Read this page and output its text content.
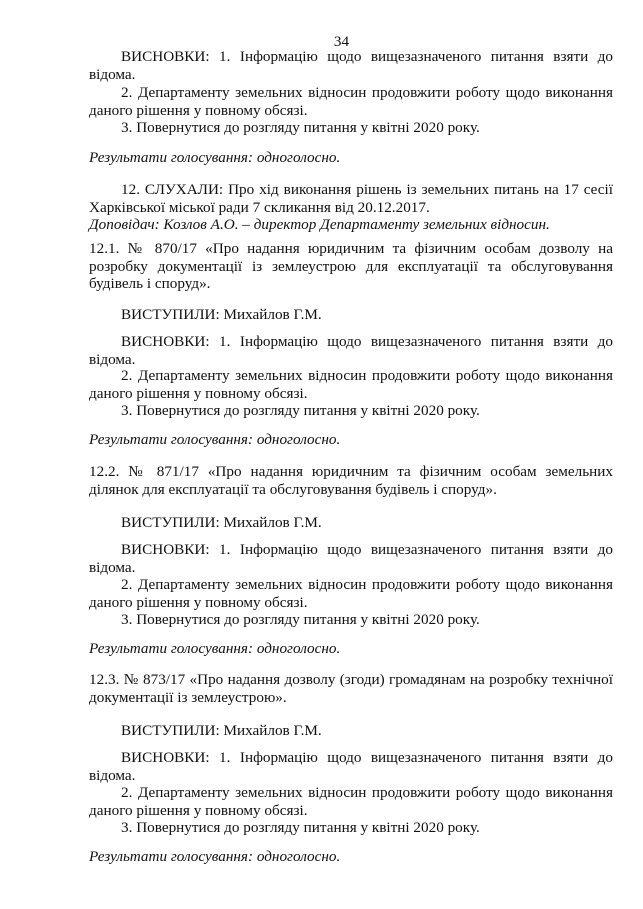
34

ВИСНОВКИ: 1. Інформацію щодо вищезазначеного питання взяти до відома.

2. Департаменту земельних відносин продовжити роботу щодо виконання даного рішення у повному обсязі.

3. Повернутися до розгляду питання у квітні 2020 року.

Результати голосування: одноголосно.

12. СЛУХАЛИ: Про хід виконання рішень із земельних питань на 17 сесії Харківської міської ради 7 скликання від 20.12.2017.

Доповідач: Козлов А.О. – директор Департаменту земельних відносин.

12.1. № 870/17 «Про надання юридичним та фізичним особам дозволу на розробку документації із землеустрою для експлуатації та обслуговування будівель і споруд».

ВИСТУПИЛИ: Михайлов Г.М.

ВИСНОВКИ: 1. Інформацію щодо вищезазначеного питання взяти до відома.

2. Департаменту земельних відносин продовжити роботу щодо виконання даного рішення у повному обсязі.

3. Повернутися до розгляду питання у квітні 2020 року.

Результати голосування: одноголосно.

12.2. № 871/17 «Про надання юридичним та фізичним особам земельних ділянок для експлуатації та обслуговування будівель і споруд».

ВИСТУПИЛИ: Михайлов Г.М.

ВИСНОВКИ: 1. Інформацію щодо вищезазначеного питання взяти до відома.

2. Департаменту земельних відносин продовжити роботу щодо виконання даного рішення у повному обсязі.

3. Повернутися до розгляду питання у квітні 2020 року.

Результати голосування: одноголосно.

12.3. № 873/17 «Про надання дозволу (згоди) громадянам на розробку технічної документації із землеустрою».

ВИСТУПИЛИ: Михайлов Г.М.

ВИСНОВКИ: 1. Інформацію щодо вищезазначеного питання взяти до відома.

2. Департаменту земельних відносин продовжити роботу щодо виконання даного рішення у повному обсязі.

3. Повернутися до розгляду питання у квітні 2020 року.

Результати голосування: одноголосно.
